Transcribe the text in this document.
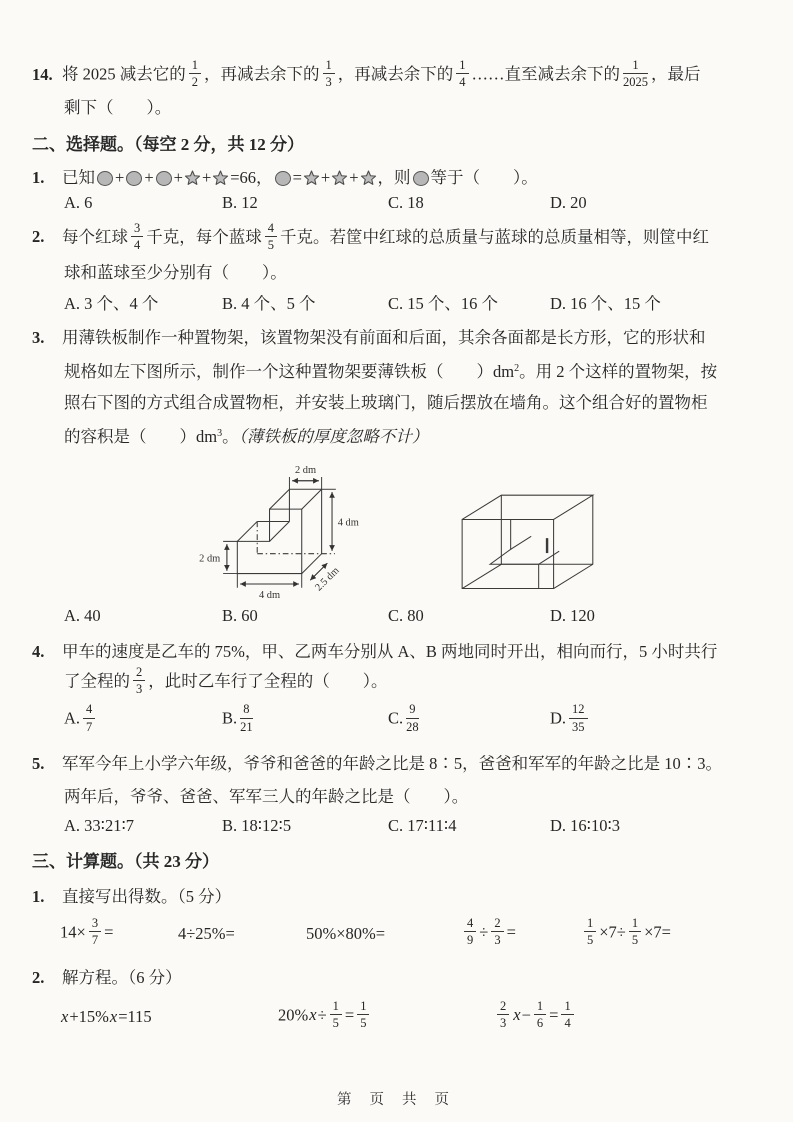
14. 将 2025 减去它的 $\frac{1}{2}$ ，再减去余下的 $\frac{1}{3}$ ，再减去余下的 $\frac{1}{4}$ ……直至减去余下的 $\frac{1}{2025}$ ，最后
剩下（　　）。
二、选择题。（每空 2 分，共 12 分）
1. 已知 + + + + =66， = + + ，则 等于（　　）。
A. 6	B. 12	C. 18	D. 20
2. 每个红球 $\frac{3}{4}$ 千克，每个蓝球 $\frac{4}{5}$ 千克。若筐中红球的总质量与蓝球的总质量相等，则筐中红
球和蓝球至少分别有（　　）。
A. 3 个、4 个	B. 4 个、5 个	C. 15 个、16 个	D. 16 个、15 个
3. 用薄铁板制作一种置物架，该置物架没有前面和后面，其余各面都是长方形，它的形状和
规格如左下图所示，制作一个这种置物架要薄铁板（　　）$dm^2$。用 2 个这样的置物架，按
照右下图的方式组合成置物柜，并安装上玻璃门，随后摆放在墙角。这个组合好的置物柜
的容积是（　　）$dm^3$。（薄铁板的厚度忽略不计）
2 dm
4 dm
2 dm
4 dm
2.5 dm
A. 40	B. 60	C. 80	D. 120
4. 甲车的速度是乙车的 75%，甲、乙两车分别从 A、B 两地同时开出，相向而行，5 小时共行
了全程的 $\frac{2}{3}$ ，此时乙车行了全程的（　　）。
A. $\frac{4}{7}$	B. $\frac{8}{21}$	C. $\frac{9}{28}$	D. $\frac{12}{35}$
5. 军军今年上小学六年级，爷爷和爸爸的年龄之比是 8∶5，爸爸和军军的年龄之比是 10∶3。
两年后，爷爷、爸爸、军军三人的年龄之比是（　　）。
A. 33∶21∶7	B. 18∶12∶5	C. 17∶11∶4	D. 16∶10∶3
三、计算题。（共 23 分）
1. 直接写出得数。（5 分）
$14\times \frac{3}{7}$ =	4÷25%=	50%×80%=	$\frac{4}{9} \div \frac{2}{3}$ =	$\frac{1}{5} \times 7\div \frac{1}{5} \times 7=$
2. 解方程。（6 分）
x+15%x=115	$20\%x\div \frac{1}{5} = \frac{1}{5}$	$\frac{2}{3} x- \frac{1}{6} = \frac{1}{4}$
第 页 共 页
